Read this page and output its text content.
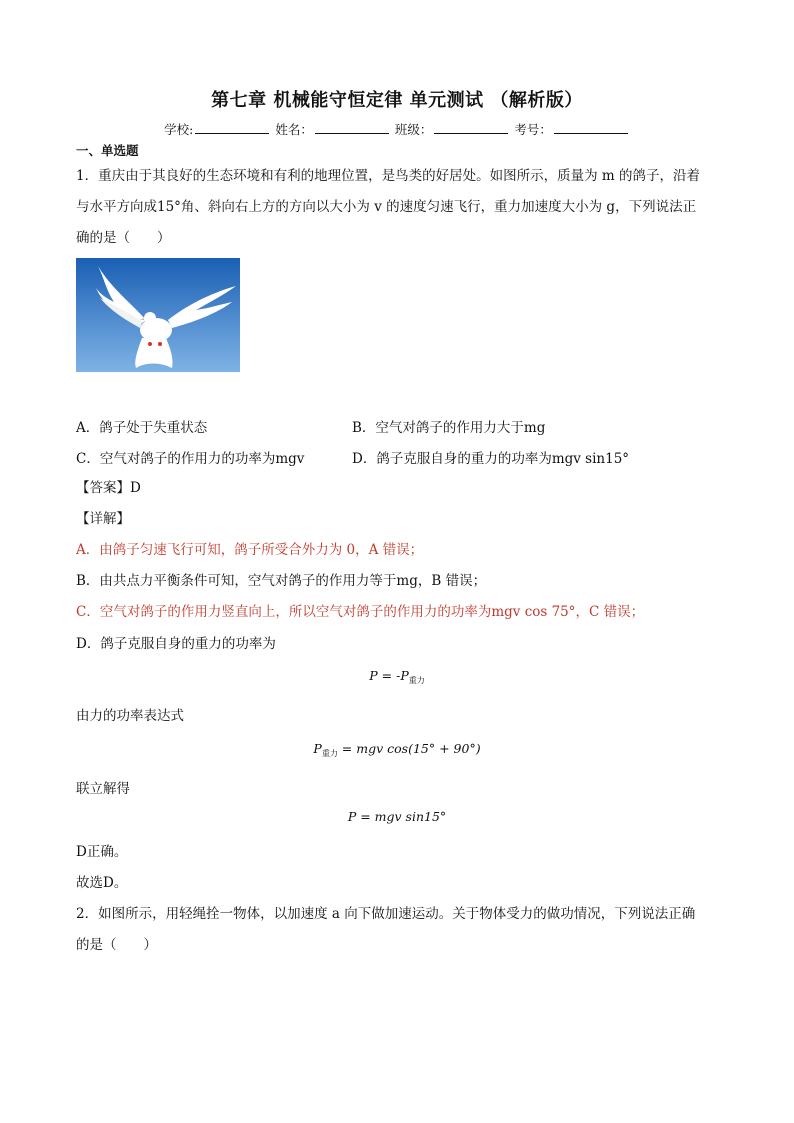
第七章 机械能守恒定律 单元测试 （解析版）
学校:	姓名：	班级：	考号：
一、单选题
1．重庆由于其良好的生态环境和有利的地理位置，是鸟类的好居处。如图所示，质量为 m 的鸽子，沿着
与水平方向成15°角、斜向右上方的方向以大小为 v 的速度匀速飞行，重力加速度大小为 g，下列说法正
确的是（　　）
A．鸽子处于失重状态	B．空气对鸽子的作用力大于mg
C．空气对鸽子的作用力的功率为mgv	D．鸽子克服自身的重力的功率为mgv sin15°
【答案】D
【详解】
A．由鸽子匀速飞行可知，鸽子所受合外力为 0，A 错误；
B．由共点力平衡条件可知，空气对鸽子的作用力等于mg，B 错误；
C．空气对鸽子的作用力竖直向上，所以空气对鸽子的作用力的功率为mgv cos 75°，C 错误；
D．鸽子克服自身的重力的功率为
$P = -P_{重力}$
由力的功率表达式
$P_{重力}$ = mgv cos(15° + 90°)
联立解得
P = mgv sin15°
D正确。
故选D。
2．如图所示，用轻绳拴一物体，以加速度 a 向下做加速运动。关于物体受力的做功情况，下列说法正确
的是（　　）
